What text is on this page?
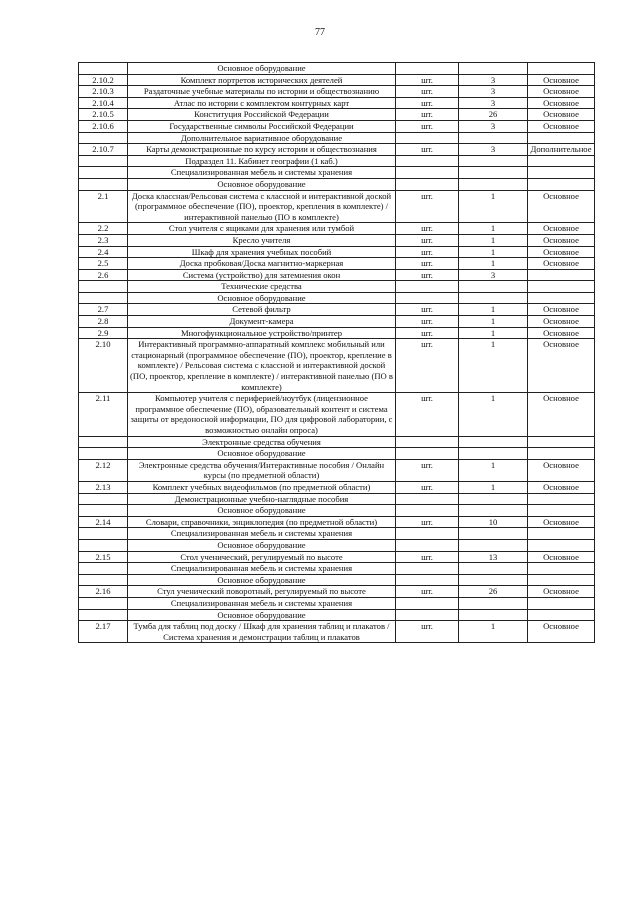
77
	Основное оборудование			
2.10.2	Комплект портретов исторических деятелей	шт.	3	Основное
2.10.3	Раздаточные учебные материалы по истории и обществознанию	шт.	3	Основное
2.10.4	Атлас по истории с комплектом контурных карт	шт.	3	Основное
2.10.5	Конституция Российской Федерации	шт.	26	Основное
2.10.6	Государственные символы Российской Федерации	шт.	3	Основное
	Дополнительное вариативное оборудование			
2.10.7	Карты демонстрационные по курсу истории и обществознания	шт.	3	Дополнительное
	Подраздел 11. Кабинет географии (1 каб.)			
	Специализированная мебель и системы хранения			
	Основное оборудование			
2.1	Доска классная/Рельсовая система с классной и интерактивной доской (программное обеспечение (ПО), проектор, крепления в комплекте) / интерактивной панелью (ПО в комплекте)	шт.	1	Основное
2.2	Стол учителя с ящиками для хранения или тумбой	шт.	1	Основное
2.3	Кресло учителя	шт.	1	Основное
2.4	Шкаф для хранения учебных пособий	шт.	1	Основное
2.5	Доска пробковая/Доска магнитно-маркерная	шт.	1	Основное
2.6	Система (устройство) для затемнения окон	шт.	3	
	Технические средства			
	Основное оборудование			
2.7	Сетевой фильтр	шт.	1	Основное
2.8	Документ-камера	шт.	1	Основное
2.9	Многофункциональное устройство/принтер	шт.	1	Основное
2.10	Интерактивный программно-аппаратный комплекс мобильный или стационарный (программное обеспечение (ПО), проектор, крепление в комплекте) / Рельсовая система с классной и интерактивной доской (ПО, проектор, крепление в комплекте) / интерактивной панелью (ПО в комплекте)	шт.	1	Основное
2.11	Компьютер учителя с периферией/ноутбук (лицензионное программное обеспечение (ПО), образовательный контент и система защиты от вредоносной информации, ПО для цифровой лаборатории, с возможностью онлайн опроса)	шт.	1	Основное
	Электронные средства обучения			
	Основное оборудование			
2.12	Электронные средства обучения/Интерактивные пособия / Онлайн курсы (по предметной области)	шт.	1	Основное
2.13	Комплект учебных видеофильмов (по предметной области)	шт.	1	Основное
	Демонстрационные учебно-наглядные пособия			
	Основное оборудование			
2.14	Словари, справочники, энциклопедия (по предметной области)	шт.	10	Основное
	Специализированная мебель и системы хранения			
	Основное оборудование			
2.15	Стол ученический, регулируемый по высоте	шт.	13	Основное
	Специализированная мебель и системы хранения			
	Основное оборудование			
2.16	Стул ученический поворотный, регулируемый по высоте	шт.	26	Основное
	Специализированная мебель и системы хранения			
	Основное оборудование			
2.17	Тумба для таблиц под доску / Шкаф для хранения таблиц и плакатов / Система хранения и демонстрации таблиц и плакатов	шт.	1	Основное
